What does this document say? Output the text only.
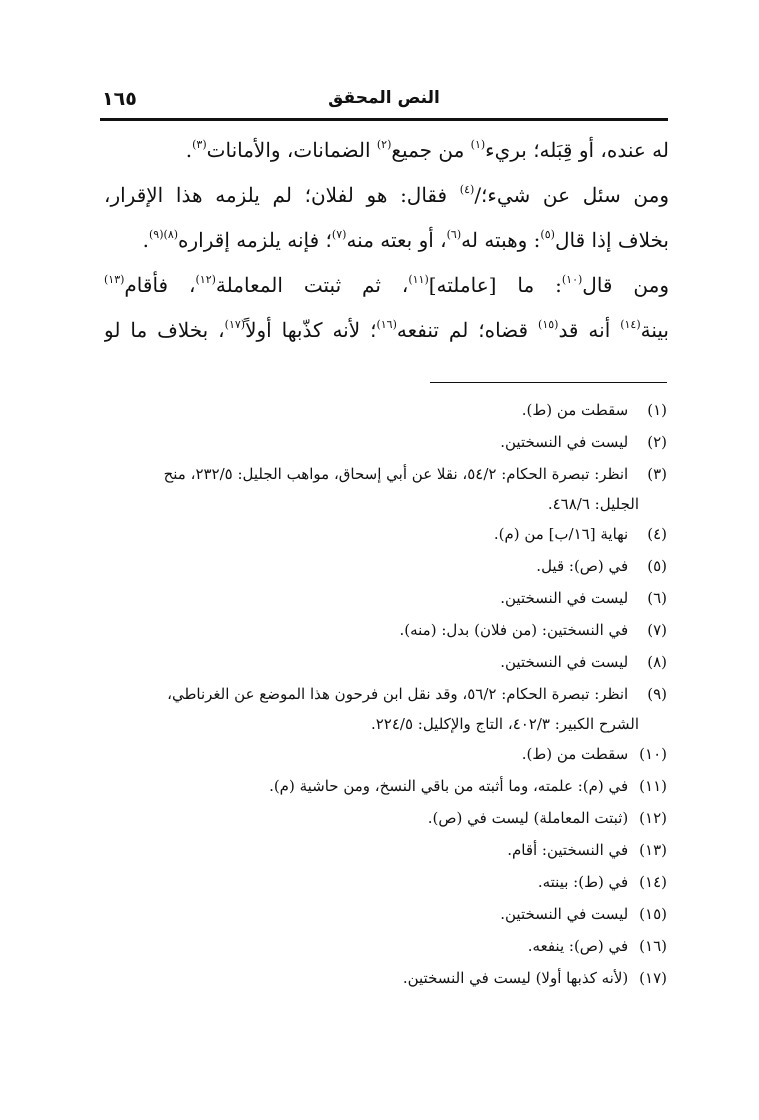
١٦٥	النص المحقق
له عنده، أو قِبَله؛ بريء$^{(١)}$ من جميع$^{(٢)}$ الضمانات، والأمانات$^{(٣)}$.
ومن سئل عن شيء؛/$^{(٤)}$ فقال: هو لفلان؛ لم يلزمه هذا الإقرار،
بخلاف إذا قال$^{(٥)}$: وهبته له$^{(٦)}$، أو بعته منه$^{(٧)}$؛ فإنه يلزمه إقراره$^{(٨)(٩)}$.
ومن قال$^{(١٠)}$: ما [عاملته]$^{(١١)}$، ثم ثبتت المعاملة$^{(١٢)}$، فأقام$^{(١٣)}$
بينة$^{(١٤)}$ أنه قد$^{(١٥)}$ قضاه؛ لم تنفعه$^{(١٦)}$؛ لأنه كذّبها أولاً$^{(١٧)}$، بخلاف ما لو
(١) سقطت من (ط).
(٢) ليست في النسختين.
(٣) انظر: تبصرة الحكام: ٥٤/٢، نقلا عن أبي إسحاق، مواهب الجليل: ٢٣٢/٥، منح
الجليل: ٤٦٨/٦.
(٤) نهاية [١٦/ب] من (م).
(٥) في (ص): قيل.
(٦) ليست في النسختين.
(٧) في النسختين: (من فلان) بدل: (منه).
(٨) ليست في النسختين.
(٩) انظر: تبصرة الحكام: ٥٦/٢، وقد نقل ابن فرحون هذا الموضع عن الغرناطي،
الشرح الكبير: ٤٠٢/٣، التاج والإكليل: ٢٢٤/٥.
(١٠) سقطت من (ط).
(١١) في (م): علمته، وما أثبته من باقي النسخ، ومن حاشية (م).
(١٢) (ثبتت المعاملة) ليست في (ص).
(١٣) في النسختين: أقام.
(١٤) في (ط): بينته.
(١٥) ليست في النسختين.
(١٦) في (ص): ينفعه.
(١٧) (لأنه كذبها أولا) ليست في النسختين.
